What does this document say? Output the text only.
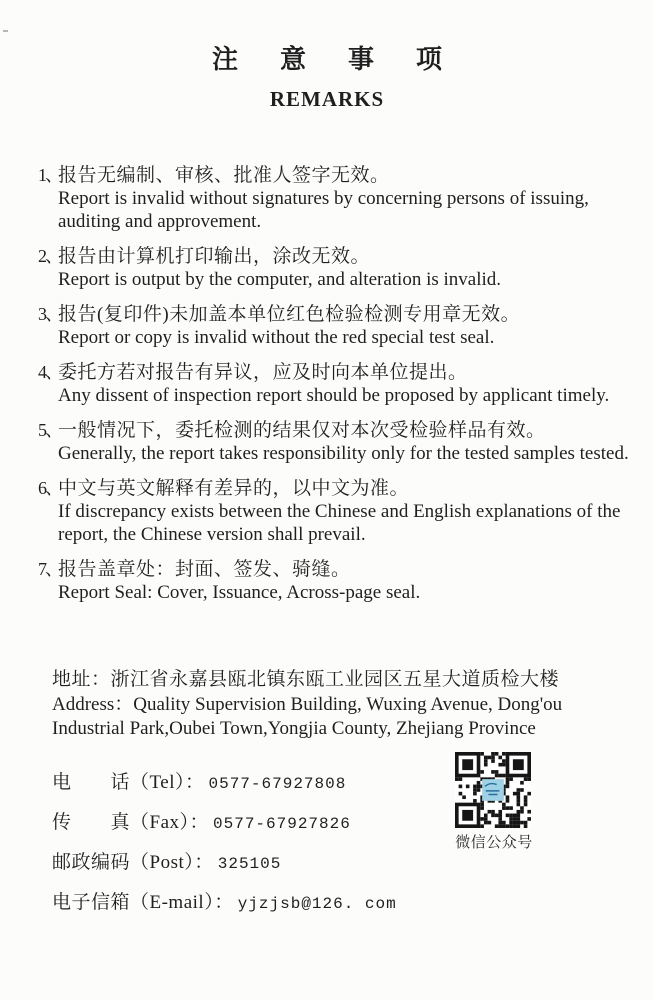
注意事项
REMARKS
1、
报告无编制、审核、批准人签字无效。
Report is invalid without signatures by concerning persons of issuing, auditing and approvement.
2、
报告由计算机打印输出，涂改无效。
Report is output by the computer, and alteration is invalid.
3、
报告(复印件)未加盖本单位红色检验检测专用章无效。
Report or copy is invalid without the red special test seal.
4、
委托方若对报告有异议，应及时向本单位提出。
Any dissent of inspection report should be proposed by applicant timely.
5、
一般情况下，委托检测的结果仅对本次受检验样品有效。
Generally, the report takes responsibility only for the tested samples tested.
6、
中文与英文解释有差异的，以中文为准。
If discrepancy exists between the Chinese and English explanations of the report, the Chinese version shall prevail.
7、
报告盖章处：封面、签发、骑缝。
Report Seal: Cover, Issuance, Across-page seal.
地址：浙江省永嘉县瓯北镇东瓯工业园区五星大道质检大楼
Address：Quality Supervision Building, Wuxing Avenue, Dong'ou Industrial Park,Oubei Town,Yongjia County, Zhejiang Province
电　　话（Tel）： 0577-67927808
传　　真（Fax）： 0577-67927826
邮政编码（Post）： 325105
电子信箱（E-mail）： yjzjsb@126. com
微信公众号
